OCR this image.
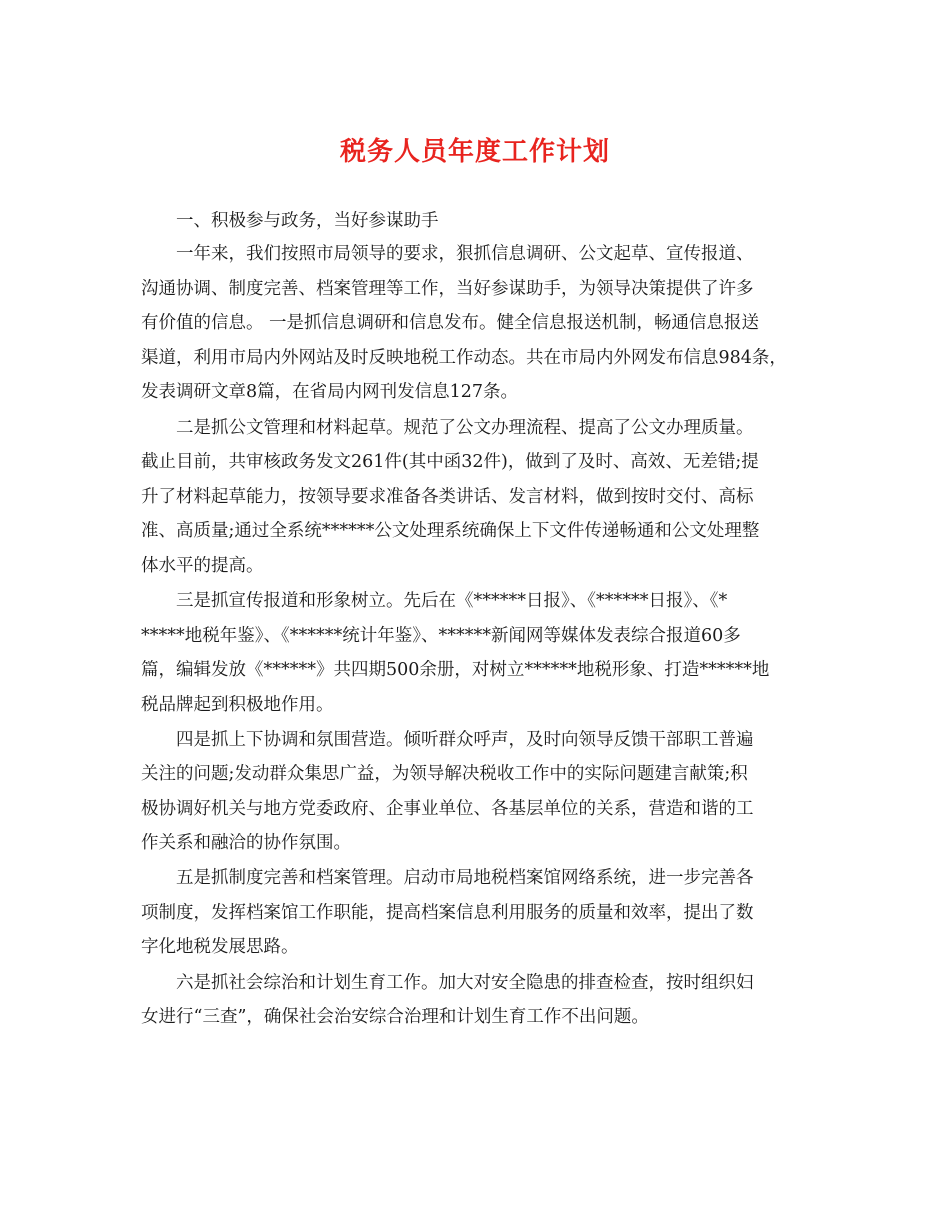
税务人员年度工作计划
一、积极参与政务，当好参谋助手
一年来，我们按照市局领导的要求，狠抓信息调研、公文起草、宣传报道、
沟通协调、制度完善、档案管理等工作，当好参谋助手，为领导决策提供了许多
有价值的信息。 一是抓信息调研和信息发布。健全信息报送机制，畅通信息报送
渠道，利用市局内外网站及时反映地税工作动态。共在市局内外网发布信息984条，
发表调研文章8篇，在省局内网刊发信息127条。
二是抓公文管理和材料起草。规范了公文办理流程、提高了公文办理质量。
截止目前，共审核政务发文261件(其中函32件)，做到了及时、高效、无差错;提
升了材料起草能力，按领导要求准备各类讲话、发言材料，做到按时交付、高标
准、高质量;通过全系统******公文处理系统确保上下文件传递畅通和公文处理整
体水平的提高。
三是抓宣传报道和形象树立。先后在《******日报》、《******日报》、《*
*****地税年鉴》、《******统计年鉴》、******新闻网等媒体发表综合报道60多
篇，编辑发放《******》共四期500余册，对树立******地税形象、打造******地
税品牌起到积极地作用。
四是抓上下协调和氛围营造。倾听群众呼声，及时向领导反馈干部职工普遍
关注的问题;发动群众集思广益，为领导解决税收工作中的实际问题建言献策;积
极协调好机关与地方党委政府、企事业单位、各基层单位的关系，营造和谐的工
作关系和融洽的协作氛围。
五是抓制度完善和档案管理。启动市局地税档案馆网络系统，进一步完善各
项制度，发挥档案馆工作职能，提高档案信息利用服务的质量和效率，提出了数
字化地税发展思路。
六是抓社会综治和计划生育工作。加大对安全隐患的排查检查，按时组织妇
女进行“三查”，确保社会治安综合治理和计划生育工作不出问题。
